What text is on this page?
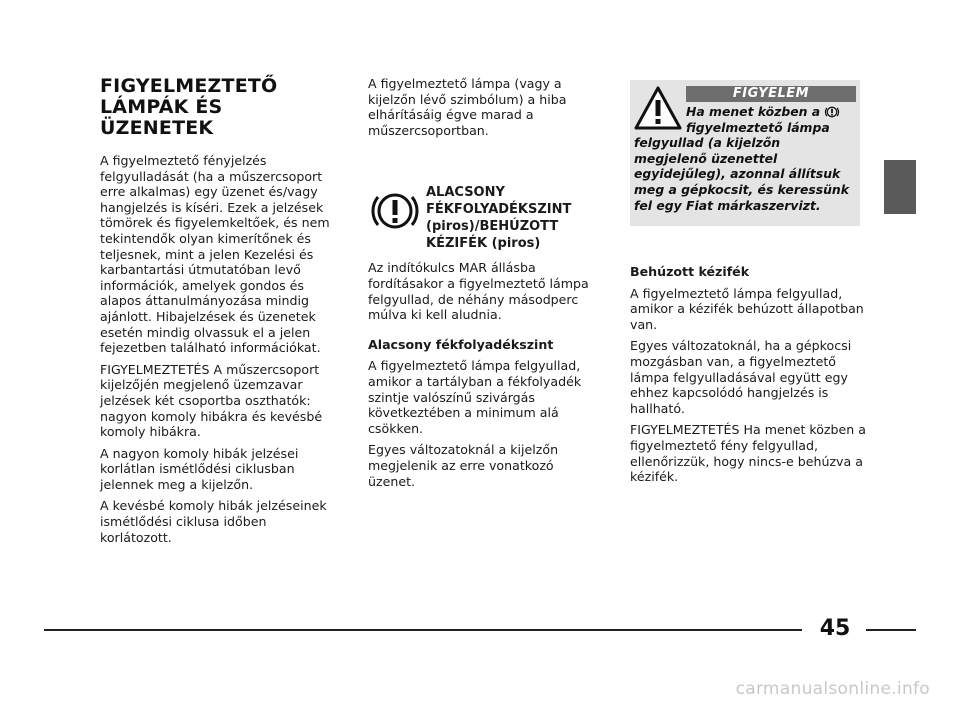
FIGYELMEZTETŐ
LÁMPÁK ÉS ÜZENETEK

A figyelmeztető fényjelzés felgyulladását (ha a műszercsoport erre alkalmas) egy üzenet és/vagy hangjelzés is kíséri. Ezek a jelzések tömörek és figyelemkeltőek, és nem tekintendők olyan kimerítőnek és teljesnek, mint a jelen Kezelési és karbantartási útmutatóban levő információk, amelyek gondos és alapos áttanulmányozása mindig ajánlott. Hibajelzések és üzenetek esetén mindig olvassuk el a jelen fejezetben található információkat.

FIGYELMEZTETÉS A műszercsoport kijelzőjén megjelenő üzemzavar jelzések két csoportba oszthatók: nagyon komoly hibákra és kevésbé komoly hibákra.

A nagyon komoly hibák jelzései korlátlan ismétlődési ciklusban jelennek meg a kijelzőn.

A kevésbé komoly hibák jelzéseinek ismétlődési ciklusa időben korlátozott.

A figyelmeztető lámpa (vagy a kijelzőn lévő szimbólum) a hiba elhárításáig égve marad a műszercsoportban.

ALACSONY
FÉKFOLYADÉKSZINT
(piros)/BEHÚZOTT
KÉZIFÉK (piros)

Az indítókulcs MAR állásba fordításakor a figyelmeztető lámpa felgyullad, de néhány másodperc múlva ki kell aludnia.

Alacsony fékfolyadékszint

A figyelmeztető lámpa felgyullad, amikor a tartályban a fékfolyadék szintje valószínű szivárgás következtében a minimum alá csökken.

Egyes változatoknál a kijelzőn megjelenik az erre vonatkozó üzenet.

FIGYELEM
Ha menet közben a
figyelmeztető lámpa
felgyullad (a kijelzőn megjelenő üzenettel egyidejűleg), azonnal állítsuk meg a gépkocsit, és keressünk fel egy Fiat márkaszervizt.

Behúzott kézifék

A figyelmeztető lámpa felgyullad, amikor a kézifék behúzott állapotban van.

Egyes változatoknál, ha a gépkocsi mozgásban van, a figyelmeztető lámpa felgyulladásával együtt egy ehhez kapcsolódó hangjelzés is hallható.

FIGYELMEZTETÉS Ha menet közben a figyelmeztető fény felgyullad, ellenőrizzük, hogy nincs-e behúzva a kézifék.

45
carmanualsonline.info
